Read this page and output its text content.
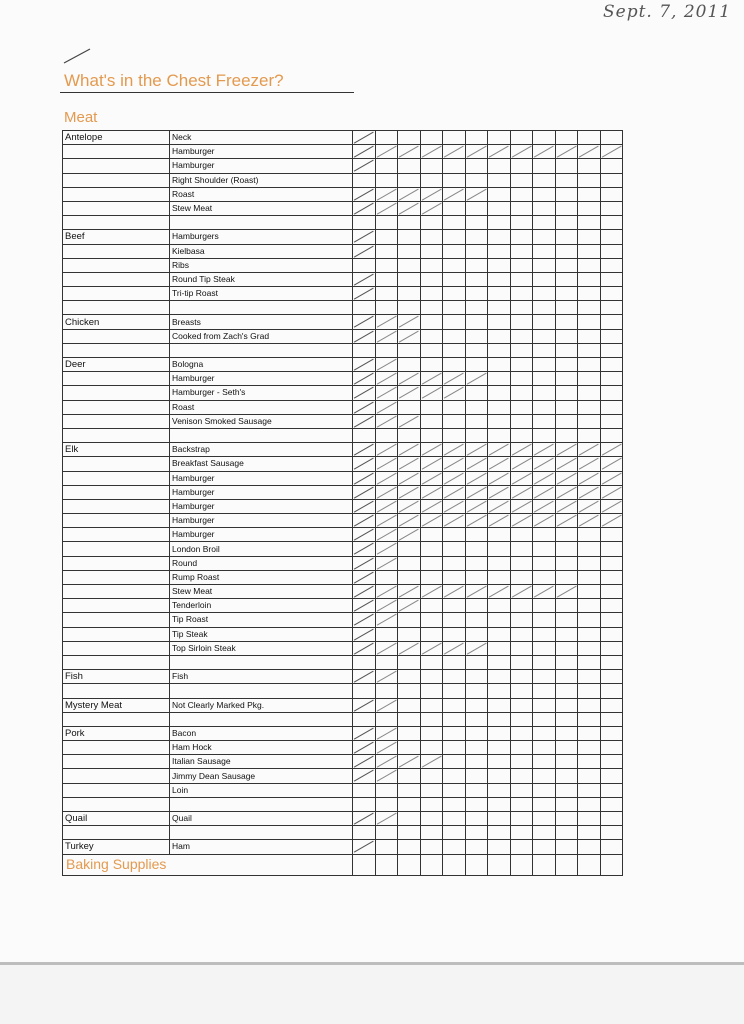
Sept. 7, 2011
What's in the Chest Freezer?
Meat
Antelope	Neck	

	Hamburger	

	Hamburger	

	Right Shoulder (Roast)												
	Roast	

	Stew Meat	

Beef	Hamburgers	

	Kielbasa	

	Ribs												
	Round Tip Steak	

	Tri-tip Roast	

Chicken	Breasts	

	Cooked from Zach's Grad	

Deer	Bologna	

	Hamburger	

	Hamburger - Seth's	

	Roast	

	Venison Smoked Sausage	

Elk	Backstrap	

	Breakfast Sausage	

	Hamburger	

	Hamburger	

	Hamburger	

	Hamburger	

	Hamburger	

	London Broil	

	Round	

	Rump Roast	

	Stew Meat	

	Tenderloin	

	Tip Roast	

	Tip Steak	

	Top Sirloin Steak	

Fish	Fish	

Mystery Meat	Not Clearly Marked Pkg.	

Pork	Bacon	

	Ham Hock	

	Italian Sausage	

	Jimmy Dean Sausage	

	Loin												

Quail	Quail	

Turkey	Ham	

Baking Supplies													
